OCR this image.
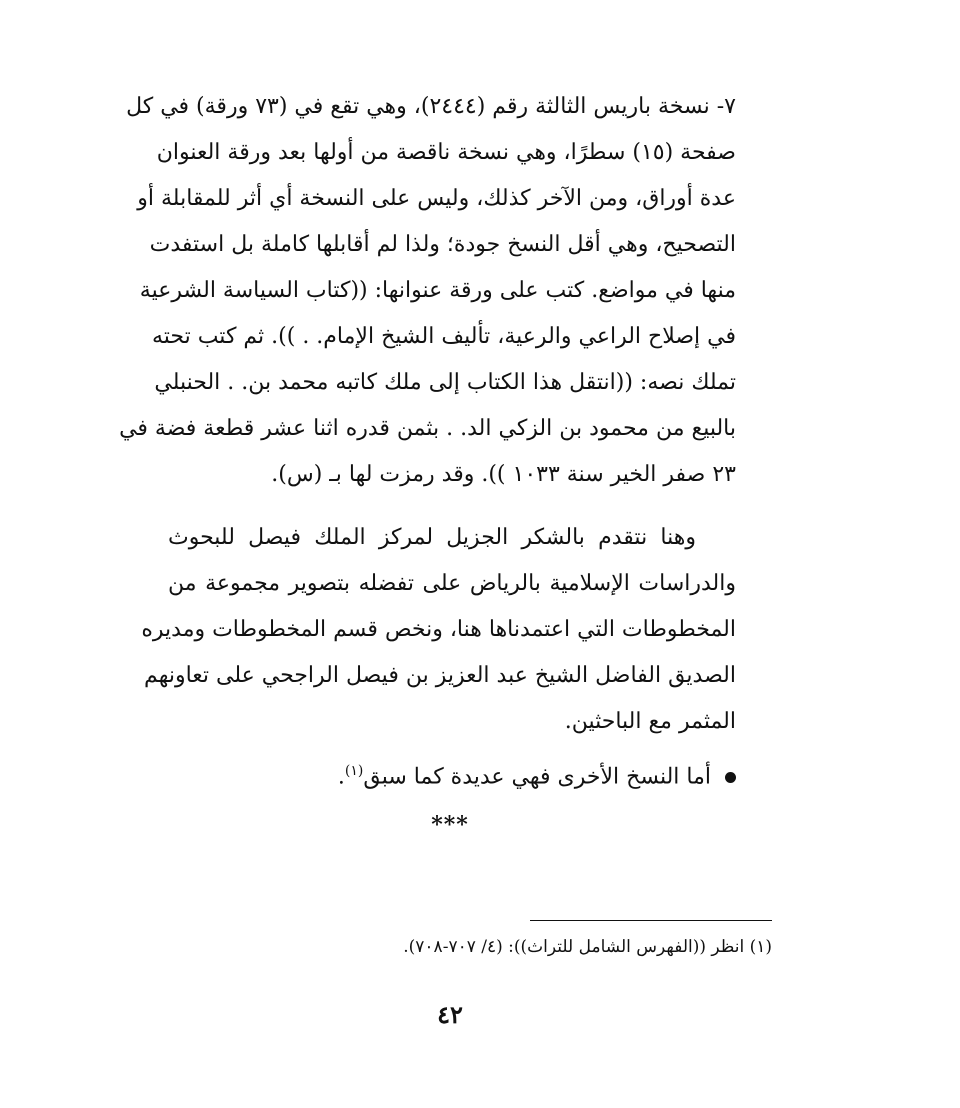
٧- نسخة باريس الثالثة رقم (٢٤٤٤)، وهي تقع في (٧٣ ورقة) في كل
صفحة (١٥) سطرًا، وهي نسخة ناقصة من أولها بعد ورقة العنوان
عدة أوراق، ومن الآخر كذلك، وليس على النسخة أي أثر للمقابلة أو
التصحيح، وهي أقل النسخ جودة؛ ولذا لم أقابلها كاملة بل استفدت
منها في مواضع. كتب على ورقة عنوانها: ((كتاب السياسة الشرعية
في إصلاح الراعي والرعية، تأليف الشيخ الإمام. . )). ثم كتب تحته
تملك نصه: ((انتقل هذا الكتاب إلى ملك كاتبه محمد بن. . الحنبلي
بالبيع من محمود بن الزكي الد. . بثمن قدره اثنا عشر قطعة فضة في
٢٣ صفر الخير سنة ١٠٣٣ )). وقد رمزت لها بـ (س).
وهنا نتقدم بالشكر الجزيل لمركز الملك فيصل للبحوث
والدراسات الإسلامية بالرياض على تفضله بتصوير مجموعة من
المخطوطات التي اعتمدناها هنا، ونخص قسم المخطوطات ومديره
الصديق الفاضل الشيخ عبد العزيز بن فيصل الراجحي على تعاونهم
المثمر مع الباحثين.
أما النسخ الأخرى فهي عديدة كما سبق$^{(١)}$.
***
(١) انظر ((الفهرس الشامل للتراث)): (٤/ ٧٠٧-٧٠٨).
٤٢
